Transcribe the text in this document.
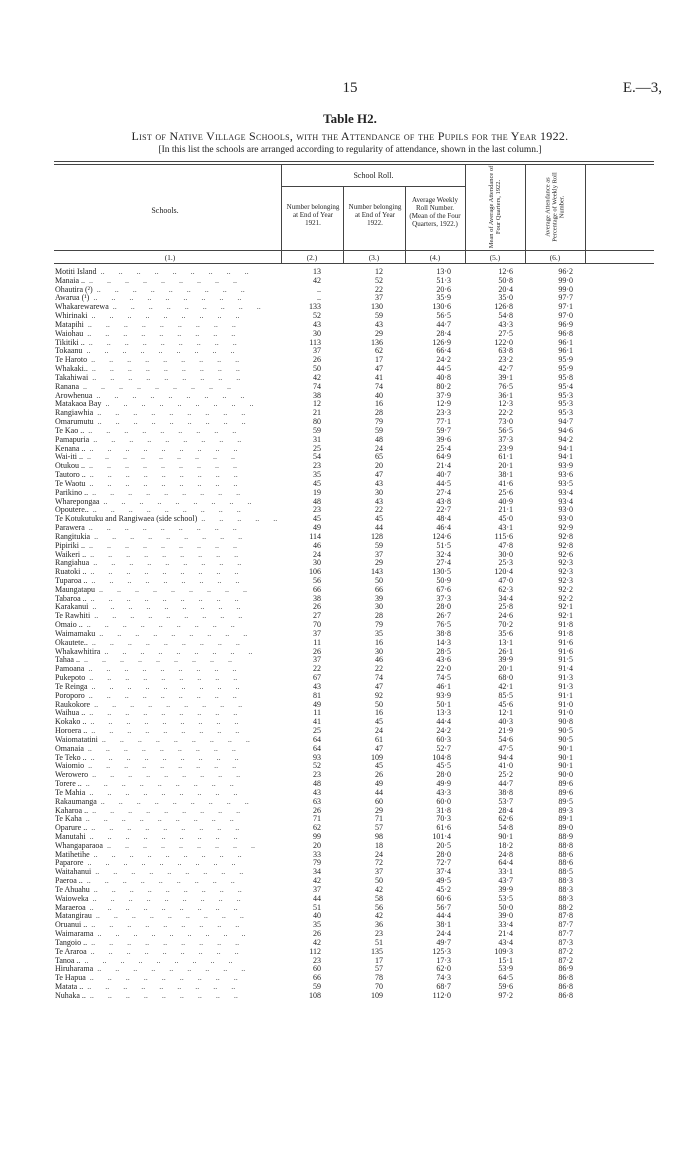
15	E.—3,
Table H2.
List of Native Village Schools, with the Attendance of the Pupils for the Year 1922.
[In this list the schools are arranged according to regularity of attendance, shown in the last column.]
Schools.
School Roll.
Number belonging at End of Year 1921.
Number belonging at End of Year 1922.
Average Weekly Roll Number. (Mean of the Four Quarters, 1922.)	Mean of Average Attendance of Four Quarters, 1922.	Average Attendance as Percentage of Weekly Roll Number.
(1.)	(2.)	(3.)	(4.)	(5.)	(6.)
Motiti Island ..	13	12	13·0	12·6	96·2
Manaia .. ..	42	52	51·3	50·8	99·0
Ohautira (²) ..	..	22	20·6	20·4	99·0
Awarua (¹) ..	..	37	35·9	35·0	97·7
Whakarewarewa ..	133	130	130·6	126·8	97·1
Whirinaki ..	52	59	56·5	54·8	97·0
Matapihi ..	43	43	44·7	43·3	96·9
Waiohau ..	30	29	28·4	27·5	96·8
Tikitiki .. ..	113	136	126·9	122·0	96·1
Tokaanu ..	37	62	66·4	63·8	96·1
Te Haroto ..	26	17	24·2	23·2	95·9
Whakaki.. ..	50	47	44·5	42·7	95·9
Takahiwai ..	42	41	40·8	39·1	95·8
Ranana ..	74	74	80·2	76·5	95·4
Arowhenua ..	38	40	37·9	36·1	95·3
Matakaoa Bay ..	12	16	12·9	12·3	95·3
Rangiawhia ..	21	28	23·3	22·2	95·3
Omarumutu ..	80	79	77·1	73·0	94·7
Te Kao .. ..	59	59	59·7	56·5	94·6
Pamapuria ..	31	48	39·6	37·3	94·2
Kenana .. ..	25	24	25·4	23·9	94·1
Wai-iti .. ..	54	65	64·9	61·1	94·1
Otukou .. ..	23	20	21·4	20·1	93·9
Tautoro .. ..	35	47	40·7	38·1	93·6
Te Waotu ..	45	43	44·5	41·6	93·5
Parikino .. ..	19	30	27·4	25·6	93·4
Wharepongaa ..	48	43	43·8	40·9	93·4
Opoutere.. ..	23	22	22·7	21·1	93·0
Te Kotukutuku and Rangiwaea (side school) ..	45	45	48·4	45·0	93·0
Parawera ..	49	44	46·4	43·1	92·9
Rangitukia ..	114	128	124·6	115·6	92·8
Pipiriki .. ..	46	59	51·5	47·8	92·8
Waikeri .. ..	24	37	32·4	30·0	92·6
Rangiahua ..	30	29	27·4	25·3	92·3
Ruatoki .. ..	106	143	130·5	120·4	92·3
Tuparoa .. ..	56	50	50·9	47·0	92·3
Maungatapu ..	66	66	67·6	62·3	92·2
Tabaroa .. ..	38	39	37·3	34·4	92·2
Karakanui ..	26	30	28·0	25·8	92·1
Te Rawhiti ..	27	28	26·7	24·6	92·1
Omaio .. ..	70	79	76·5	70·2	91·8
Waimamaku ..	37	35	38·8	35·6	91·8
Okautete.. ..	11	16	14·3	13·1	91·6
Whakawhitira ..	26	30	28·5	26·1	91·6
Tahaa .. ..	37	46	43·6	39·9	91·5
Pamoana ..	22	22	22·0	20·1	91·4
Pukepoto ..	67	74	74·5	68·0	91·3
Te Reinga ..	43	47	46·1	42·1	91·3
Poroporo ..	81	92	93·9	85·5	91·1
Raukokore ..	49	50	50·1	45·6	91·0
Waihua .. ..	11	16	13·3	12·1	91·0
Kokako .. ..	41	45	44·4	40·3	90·8
Horoera .. ..	25	24	24·2	21·9	90·5
Waiomatatini ..	64	61	60·3	54·6	90·5
Omanaia ..	64	47	52·7	47·5	90·1
Te Teko .. ..	93	109	104·8	94·4	90·1
Waiomio ..	52	45	45·5	41·0	90·1
Werowero ..	23	26	28·0	25·2	90·0
Torere .. ..	48	49	49·9	44·7	89·6
Te Mahia ..	43	44	43·3	38·8	89·6
Rakaumanga ..	63	60	60·0	53·7	89·5
Kaharoa .. ..	26	29	31·8	28·4	89·3
Te Kaha ..	71	71	70·3	62·6	89·1
Oparure .. ..	62	57	61·6	54·8	89·0
Manutahi ..	99	98	101·4	90·1	88·9
Whangaparaoa ..	20	18	20·5	18·2	88·8
Matihetihe ..	33	24	28·0	24·8	88·6
Paparore ..	79	72	72·7	64·4	88·6
Waitahanui ..	34	37	37·4	33·1	88·5
Paeroa .. ..	42	50	49·5	43·7	88·3
Te Ahuahu ..	37	42	45·2	39·9	88·3
Waioweka ..	44	58	60·6	53·5	88·3
Maraeroa ..	51	56	56·7	50·0	88·2
Matangirau ..	40	42	44·4	39·0	87·8
Oruanui .. ..	35	36	38·1	33·4	87·7
Waimarama ..	26	23	24·4	21·4	87·7
Tangoio .. ..	42	51	49·7	43·4	87·3
Te Araroa ..	112	135	125·3	109·3	87·2
Tanoa .. ..	23	17	17·3	15·1	87·2
Hiruharama ..	60	57	62·0	53·9	86·9
Te Hapua ..	66	78	74·3	64·5	86·8
Matata .. ..	59	70	68·7	59·6	86·8
Nuhaka .. ..	108	109	112·0	97·2	86·8
